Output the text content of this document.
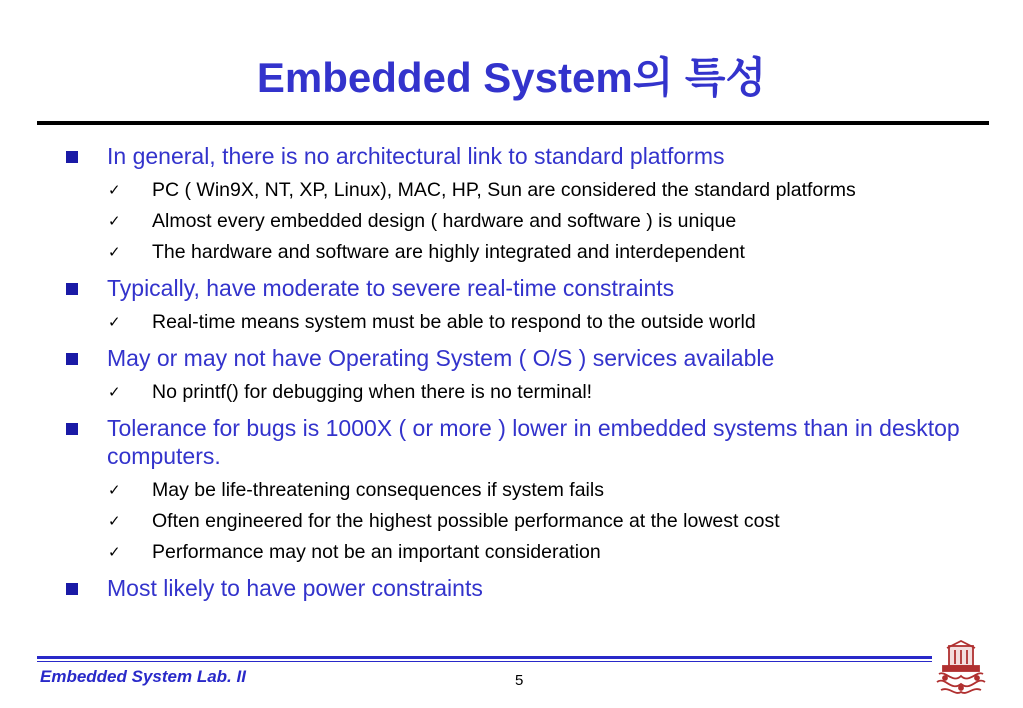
Embedded System의 특성
In general, there is no architectural link to standard platforms
✓ PC ( Win9X, NT, XP, Linux), MAC, HP, Sun are considered the standard platforms
✓ Almost every embedded design ( hardware and software ) is unique
✓ The hardware and software are highly integrated and interdependent
Typically, have moderate to severe real-time constraints
✓ Real-time means system must be able to respond to the outside world
May or may not have Operating System ( O/S ) services available
✓ No printf() for debugging when there is no terminal!
Tolerance for bugs is 1000X ( or more ) lower in embedded systems than in desktop computers.
✓ May be life-threatening consequences if system fails
✓ Often engineered for the highest possible performance at the lowest cost
✓ Performance may not be an important consideration
Most likely to have power constraints
Embedded System Lab. II	5
